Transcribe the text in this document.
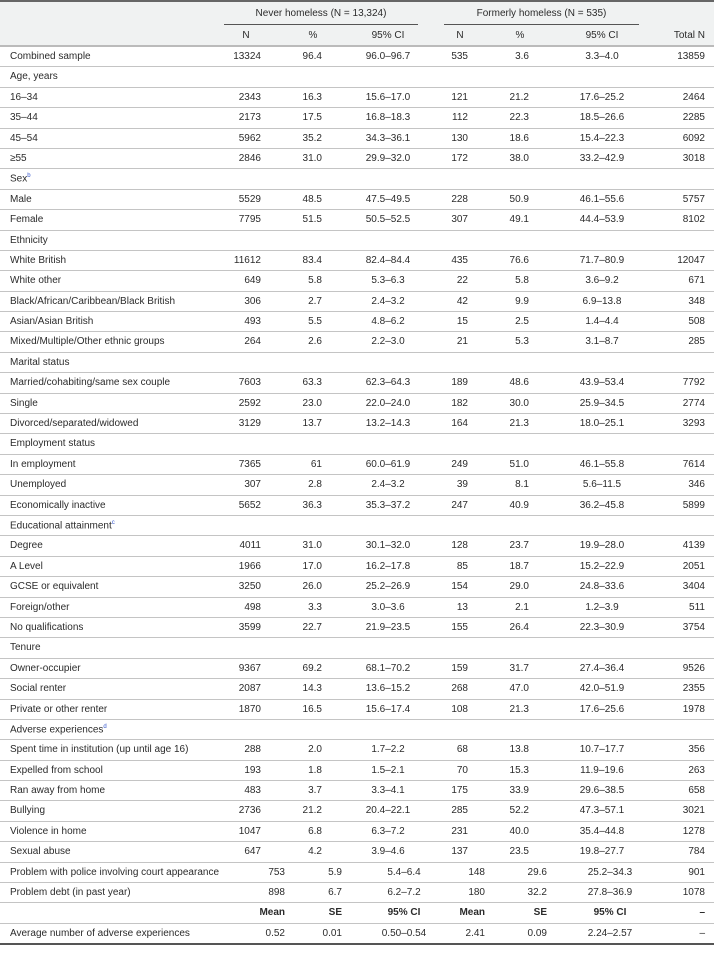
Never homeless (N = 13,324)	Formerly homeless (N = 535)
N	%	95% CI	N	%	95% CI	Total N
Combined sample	13324	96.4	96.0–96.7	535	3.6	3.3–4.0	13859
Age, years
16–34	2343	16.3	15.6–17.0	121	21.2	17.6–25.2	2464
35–44	2173	17.5	16.8–18.3	112	22.3	18.5–26.6	2285
45–54	5962	35.2	34.3–36.1	130	18.6	15.4–22.3	6092
≥55	2846	31.0	29.9–32.0	172	38.0	33.2–42.9	3018
Sex$^b$
Male	5529	48.5	47.5–49.5	228	50.9	46.1–55.6	5757
Female	7795	51.5	50.5–52.5	307	49.1	44.4–53.9	8102
Ethnicity
White British	11612	83.4	82.4–84.4	435	76.6	71.7–80.9	12047
White other	649	5.8	5.3–6.3	22	5.8	3.6–9.2	671
Black/African/Caribbean/Black British	306	2.7	2.4–3.2	42	9.9	6.9–13.8	348
Asian/Asian British	493	5.5	4.8–6.2	15	2.5	1.4–4.4	508
Mixed/Multiple/Other ethnic groups	264	2.6	2.2–3.0	21	5.3	3.1–8.7	285
Marital status
Married/cohabiting/same sex couple	7603	63.3	62.3–64.3	189	48.6	43.9–53.4	7792
Single	2592	23.0	22.0–24.0	182	30.0	25.9–34.5	2774
Divorced/separated/widowed	3129	13.7	13.2–14.3	164	21.3	18.0–25.1	3293
Employment status
In employment	7365	61	60.0–61.9	249	51.0	46.1–55.8	7614
Unemployed	307	2.8	2.4–3.2	39	8.1	5.6–11.5	346
Economically inactive	5652	36.3	35.3–37.2	247	40.9	36.2–45.8	5899
Educational attainment$^c$
Degree	4011	31.0	30.1–32.0	128	23.7	19.9–28.0	4139
A Level	1966	17.0	16.2–17.8	85	18.7	15.2–22.9	2051
GCSE or equivalent	3250	26.0	25.2–26.9	154	29.0	24.8–33.6	3404
Foreign/other	498	3.3	3.0–3.6	13	2.1	1.2–3.9	511
No qualifications	3599	22.7	21.9–23.5	155	26.4	22.3–30.9	3754
Tenure
Owner-occupier	9367	69.2	68.1–70.2	159	31.7	27.4–36.4	9526
Social renter	2087	14.3	13.6–15.2	268	47.0	42.0–51.9	2355
Private or other renter	1870	16.5	15.6–17.4	108	21.3	17.6–25.6	1978
Adverse experiences$^d$
Spent time in institution (up until age 16)	288	2.0	1.7–2.2	68	13.8	10.7–17.7	356
Expelled from school	193	1.8	1.5–2.1	70	15.3	11.9–19.6	263
Ran away from home	483	3.7	3.3–4.1	175	33.9	29.6–38.5	658
Bullying	2736	21.2	20.4–22.1	285	52.2	47.3–57.1	3021
Violence in home	1047	6.8	6.3–7.2	231	40.0	35.4–44.8	1278
Sexual abuse	647	4.2	3.9–4.6	137	23.5	19.8–27.7	784
Problem with police involving court appearance	753	5.9	5.4–6.4	148	29.6	25.2–34.3	901
Problem debt (in past year)	898	6.7	6.2–7.2	180	32.2	27.8–36.9	1078
Mean	SE	95% CI	Mean	SE	95% CI	–
Average number of adverse experiences	0.52	0.01	0.50–0.54	2.41	0.09	2.24–2.57	–
